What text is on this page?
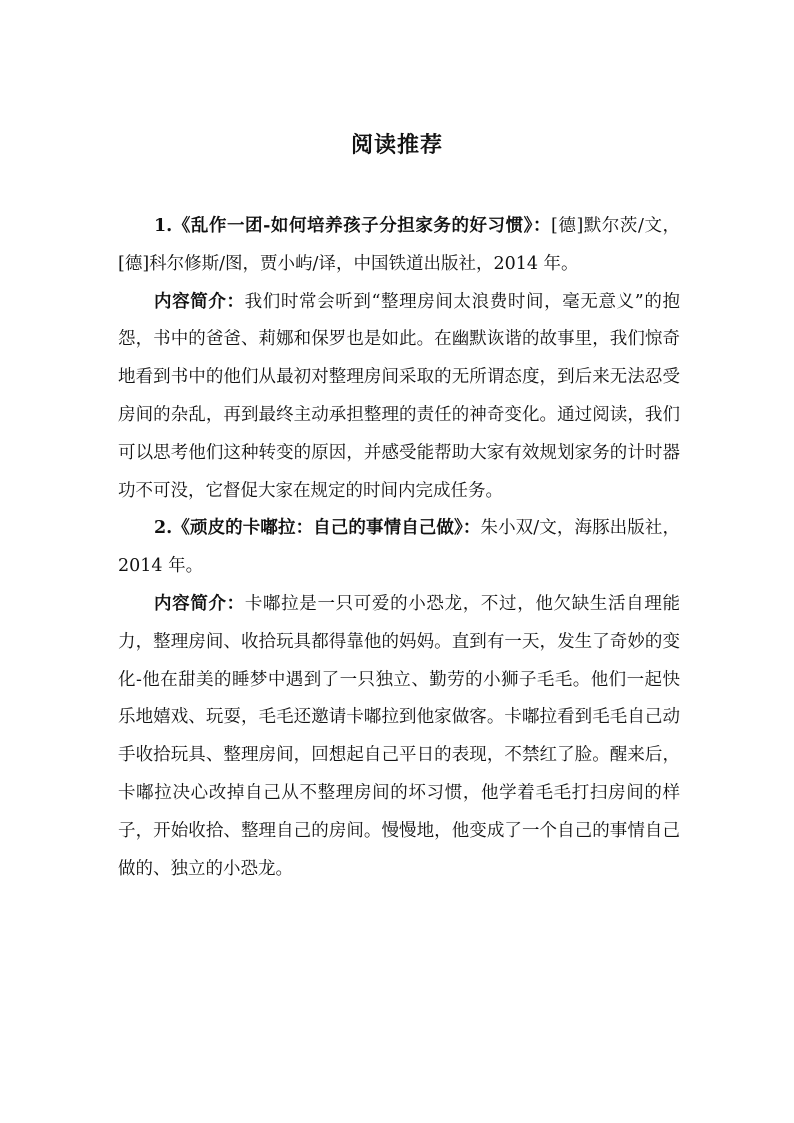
阅读推荐

1.《乱作一团-如何培养孩子分担家务的好习惯》：[德]默尔茨/文，[德]科尔修斯/图，贾小屿/译，中国铁道出版社，2014 年。

内容简介：我们时常会听到“整理房间太浪费时间，毫无意义”的抱怨，书中的爸爸、莉娜和保罗也是如此。在幽默诙谐的故事里，我们惊奇地看到书中的他们从最初对整理房间采取的无所谓态度，到后来无法忍受房间的杂乱，再到最终主动承担整理的责任的神奇变化。通过阅读，我们可以思考他们这种转变的原因，并感受能帮助大家有效规划家务的计时器功不可没，它督促大家在规定的时间内完成任务。

2.《顽皮的卡嘟拉：自己的事情自己做》：朱小双/文，海豚出版社，2014 年。

内容简介：卡嘟拉是一只可爱的小恐龙，不过，他欠缺生活自理能力，整理房间、收拾玩具都得靠他的妈妈。直到有一天，发生了奇妙的变化-他在甜美的睡梦中遇到了一只独立、勤劳的小狮子毛毛。他们一起快乐地嬉戏、玩耍，毛毛还邀请卡嘟拉到他家做客。卡嘟拉看到毛毛自己动手收拾玩具、整理房间，回想起自己平日的表现，不禁红了脸。醒来后，卡嘟拉决心改掉自己从不整理房间的坏习惯，他学着毛毛打扫房间的样子，开始收拾、整理自己的房间。慢慢地，他变成了一个自己的事情自己做的、独立的小恐龙。
